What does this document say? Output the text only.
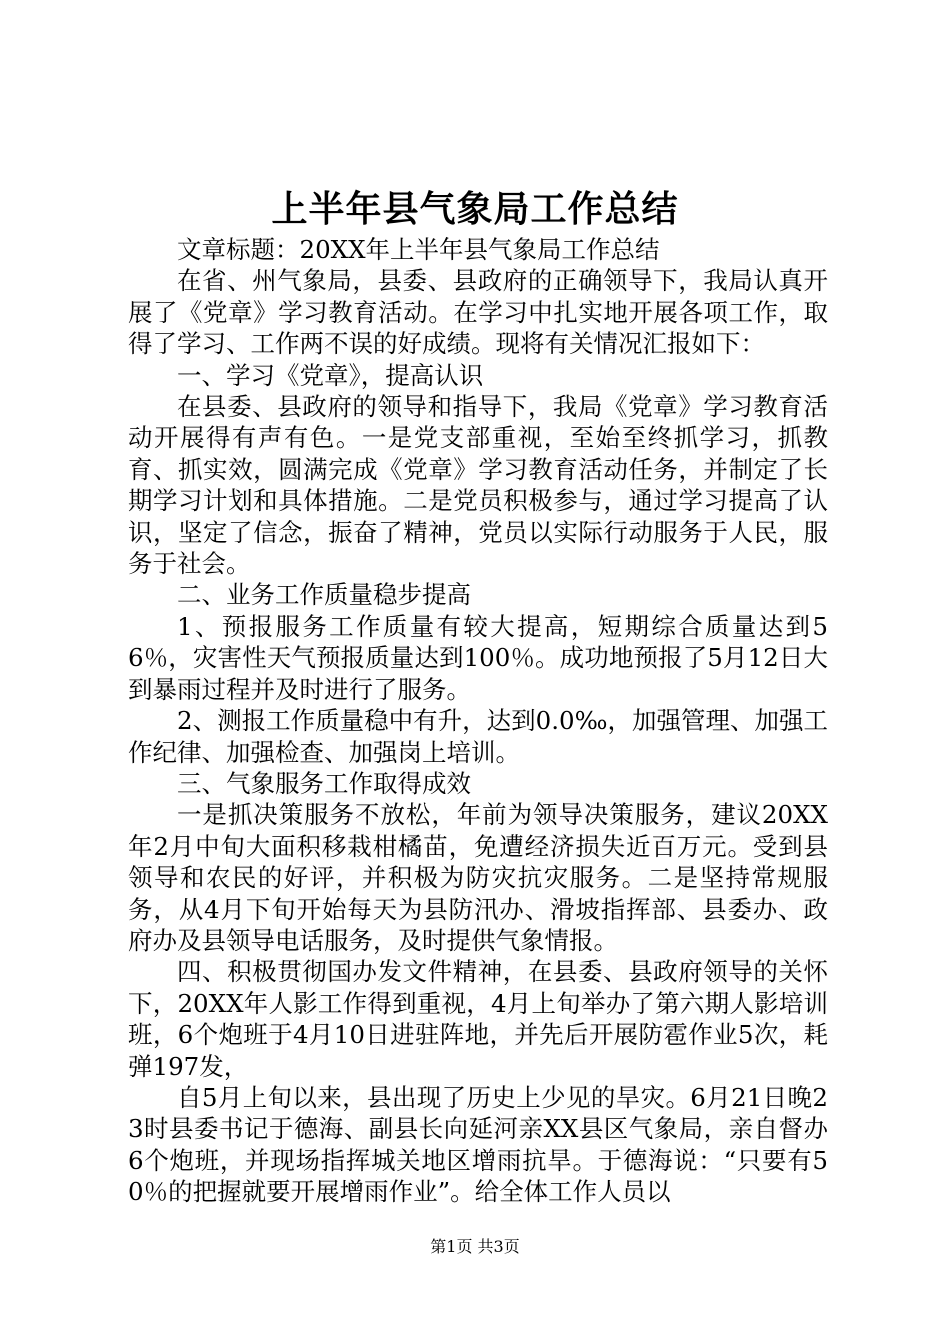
上半年县气象局工作总结

文章标题：20XX年上半年县气象局工作总结

在省、州气象局，县委、县政府的正确领导下，我局认真开展了《党章》学习教育活动。在学习中扎实地开展各项工作，取得了学习、工作两不误的好成绩。现将有关情况汇报如下：

一、学习《党章》，提高认识

在县委、县政府的领导和指导下，我局《党章》学习教育活动开展得有声有色。一是党支部重视，至始至终抓学习，抓教育、抓实效，圆满完成《党章》学习教育活动任务，并制定了长期学习计划和具体措施。二是党员积极参与，通过学习提高了认识，坚定了信念，振奋了精神，党员以实际行动服务于人民，服务于社会。

二、业务工作质量稳步提高

1、预报服务工作质量有较大提高，短期综合质量达到56％，灾害性天气预报质量达到100％。成功地预报了5月12日大到暴雨过程并及时进行了服务。

2、测报工作质量稳中有升，达到0.0‰，加强管理、加强工作纪律、加强检查、加强岗上培训。

三、气象服务工作取得成效

一是抓决策服务不放松，年前为领导决策服务，建议20XX年2月中旬大面积移栽柑橘苗，免遭经济损失近百万元。受到县领导和农民的好评，并积极为防灾抗灾服务。二是坚持常规服务，从4月下旬开始每天为县防汛办、滑坡指挥部、县委办、政府办及县领导电话服务，及时提供气象情报。

四、积极贯彻国办发文件精神，在县委、县政府领导的关怀下，20XX年人影工作得到重视，4月上旬举办了第六期人影培训班，6个炮班于4月10日进驻阵地，并先后开展防雹作业5次，耗弹197发，

自5月上旬以来，县出现了历史上少见的旱灾。6月21日晚23时县委书记于德海、副县长向延河亲XX县区气象局，亲自督办6个炮班，并现场指挥城关地区增雨抗旱。于德海说：“只要有50％的把握就要开展增雨作业”。给全体工作人员以

第1页 共3页
